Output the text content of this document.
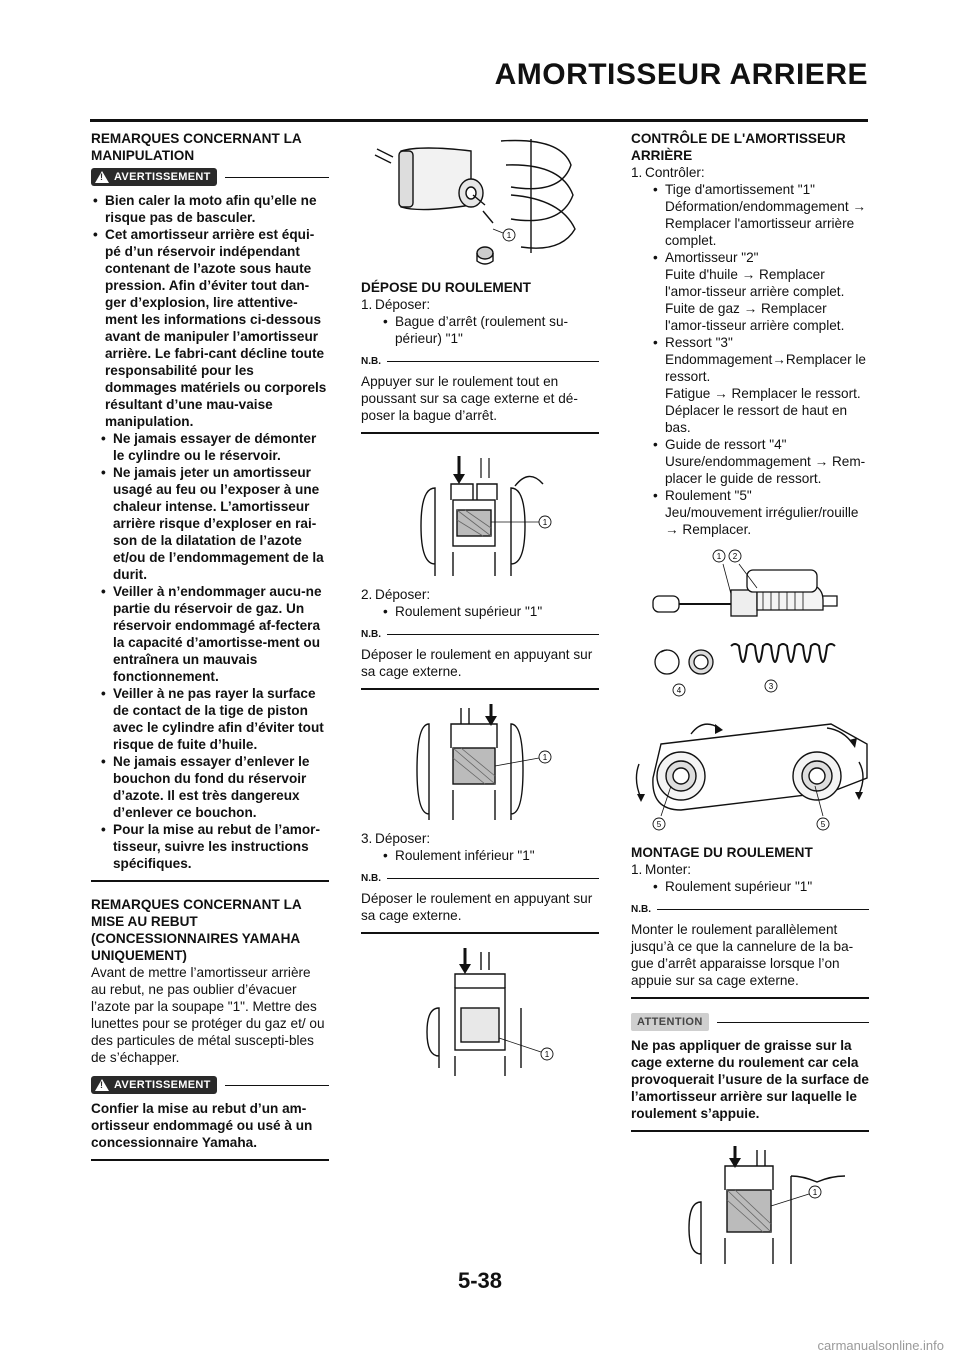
AMORTISSEUR ARRIERE
REMARQUES CONCERNANT LA MANIPULATION
! AVERTISSEMENT
• Bien caler la moto afin qu’elle ne risque pas de basculer.
• Cet amortisseur arrière est équi-pé d’un réservoir indépendant contenant de l’azote sous haute pression. Afin d’éviter tout dan-ger d’explosion, lire attentive-ment les informations ci-dessous avant de manipuler l’amortisseur arrière. Le fabri-cant décline toute responsabilité pour les dommages matériels ou corporels résultant d’une mau-vaise manipulation.
• Ne jamais essayer de démonter le cylindre ou le réservoir.
• Ne jamais jeter un amortisseur usagé au feu ou l’exposer à une chaleur intense. L’amortisseur arrière risque d’exploser en rai-son de la dilatation de l’azote et/ou de l’endommagement de la durit.
• Veiller à n’endommager aucu-ne partie du réservoir de gaz. Un réservoir endommagé af-fectera la capacité d’amortisse-ment ou entraînera un mauvais fonctionnement.
• Veiller à ne pas rayer la surface de contact de la tige de piston avec le cylindre afin d’éviter tout risque de fuite d’huile.
• Ne jamais essayer d’enlever le bouchon du fond du réservoir d’azote. Il est très dangereux d’enlever ce bouchon.
• Pour la mise au rebut de l’amor-tisseur, suivre les instructions spécifiques.
REMARQUES CONCERNANT LA MISE AU REBUT (CONCESSIONNAIRES YAMAHA UNIQUEMENT)

Avant de mettre l’amortisseur arrière au rebut, ne pas oublier d’évacuer l’azote par la soupape "1". Mettre des lunettes pour se protéger du gaz et/ ou des particules de métal suscepti-bles de s’échapper.

! AVERTISSEMENT

Confier la mise au rebut d’un am-ortisseur endommagé ou usé à un concessionnaire Yamaha.

1
DÉPOSE DU ROULEMENT
1. Déposer:
• Bague d’arrêt (roulement su-périeur) "1"
N.B.

Appuyer sur le roulement tout en poussant sur sa cage externe et dé-poser la bague d’arrêt.

1
2. Déposer:
• Roulement supérieur "1"
N.B.

Déposer le roulement en appuyant sur sa cage externe.

1
3. Déposer:
• Roulement inférieur "1"
N.B.

Déposer le roulement en appuyant sur sa cage externe.

1
CONTRÔLE DE L'AMORTISSEUR ARRIÈRE
1. Contrôler:
• Tige d'amortissement "1"
Déformation/endommagement → Remplacer l'amortisseur arrière complet.
• Amortisseur "2"
Fuite d'huile → Remplacer l'amor-tisseur arrière complet.
Fuite de gaz → Remplacer l'amor-tisseur arrière complet.
• Ressort "3"
Endommagement→Remplacer le ressort.
Fatigue → Remplacer le ressort. Déplacer le ressort de haut en bas.
• Guide de ressort "4"
Usure/endommagement → Rem-placer le guide de ressort.
• Roulement "5"
Jeu/mouvement irrégulier/rouille → Remplacer.
1 2
4	3
5	5
MONTAGE DU ROULEMENT
1. Monter:
• Roulement supérieur "1"
N.B.

Monter le roulement parallèlement jusqu’à ce que la cannelure de la ba-gue d’arrêt apparaisse lorsque l’on appuie sur sa cage externe.

ATTENTION

Ne pas appliquer de graisse sur la cage externe du roulement car cela provoquerait l’usure de la surface de l’amortisseur arrière sur laquelle le roulement s’appuie.

1
5-38
carmanualsonline.info
